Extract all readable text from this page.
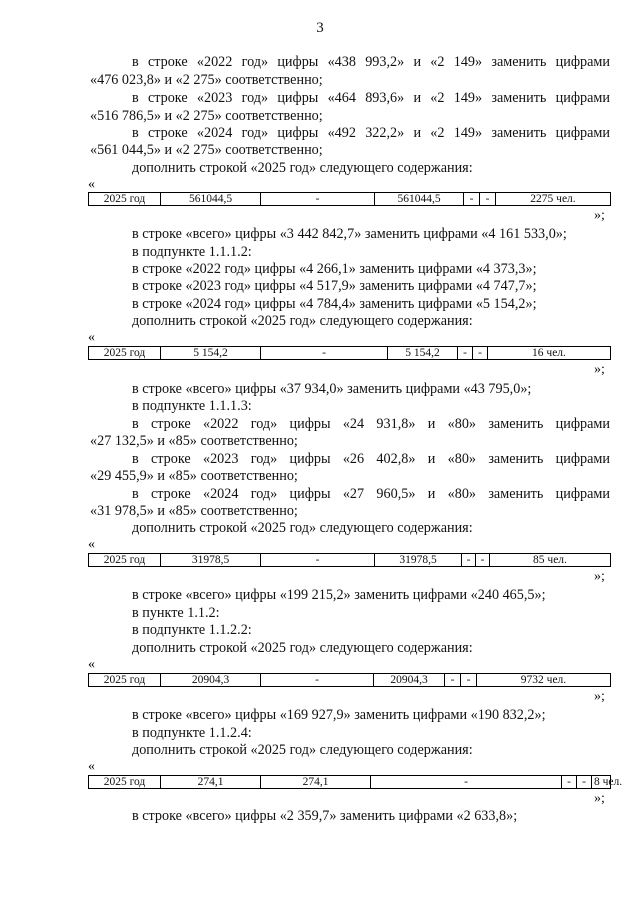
3
в строке «2022 год» цифры «438 993,2» и «2 149» заменить цифрами
«476 023,8» и «2 275» соответственно;
в строке «2023 год» цифры «464 893,6» и «2 149» заменить цифрами
«516 786,5» и «2 275» соответственно;
в строке «2024 год» цифры «492 322,2» и «2 149» заменить цифрами
«561 044,5» и «2 275» соответственно;
дополнить строкой «2025 год» следующего содержания:
«
2025 год	561044,5	-	561044,5	-	-	2275 чел.
»;
в строке «всего» цифры «3 442 842,7» заменить цифрами «4 161 533,0»;
в подпункте 1.1.1.2:
в строке «2022 год» цифры «4 266,1» заменить цифрами «4 373,3»;
в строке «2023 год» цифры «4 517,9» заменить цифрами «4 747,7»;
в строке «2024 год» цифры «4 784,4» заменить цифрами «5 154,2»;
дополнить строкой «2025 год» следующего содержания:
«
2025 год	5 154,2	-	5 154,2	-	-	16 чел.
»;
в строке «всего» цифры «37 934,0» заменить цифрами «43 795,0»;
в подпункте 1.1.1.3:
в строке «2022 год» цифры «24 931,8» и «80» заменить цифрами
«27 132,5» и «85» соответственно;
в строке «2023 год» цифры «26 402,8» и «80» заменить цифрами
«29 455,9» и «85» соответственно;
в строке «2024 год» цифры «27 960,5» и «80» заменить цифрами
«31 978,5» и «85» соответственно;
дополнить строкой «2025 год» следующего содержания:
«
2025 год	31978,5	-	31978,5	-	-	85 чел.
»;
в строке «всего» цифры «199 215,2» заменить цифрами «240 465,5»;
в пункте 1.1.2:
в подпункте 1.1.2.2:
дополнить строкой «2025 год» следующего содержания:
«
2025 год	20904,3	-	20904,3	-	-	9732 чел.
»;
в строке «всего» цифры «169 927,9» заменить цифрами «190 832,2»;
в подпункте 1.1.2.4:
дополнить строкой «2025 год» следующего содержания:
«
2025 год	274,1	274,1	-	-	-	8 чел.
»;
в строке «всего» цифры «2 359,7» заменить цифрами «2 633,8»;
